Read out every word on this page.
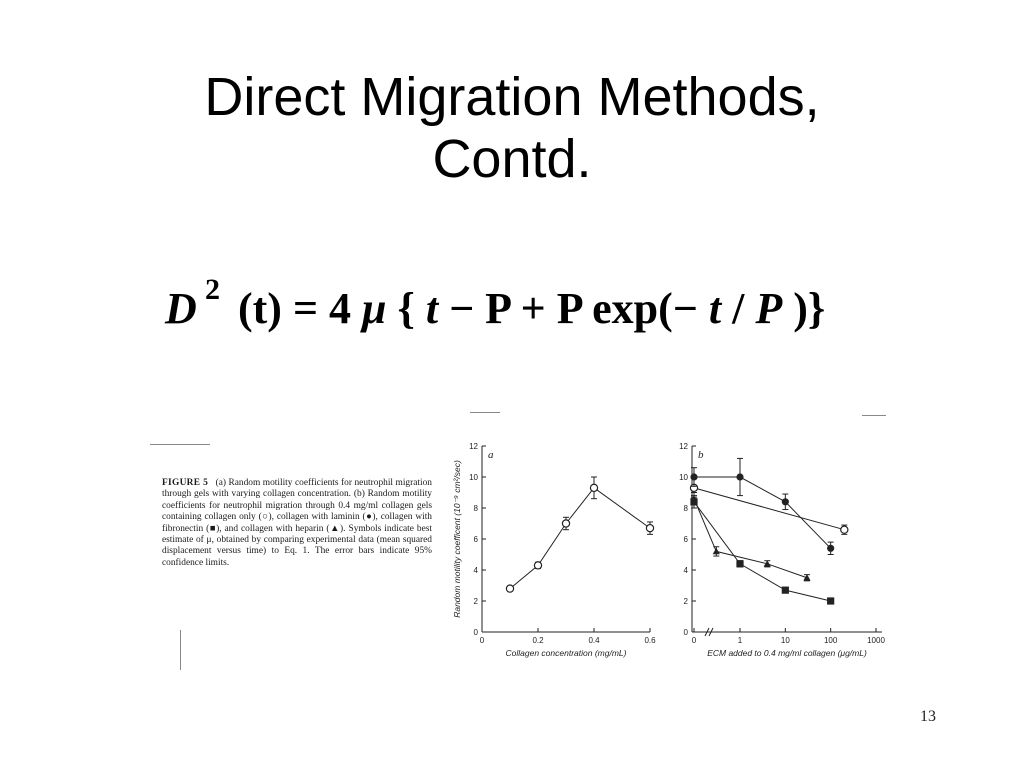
Direct Migration Methods,
Contd.
D 2 (t) = 4 μ { t − P + P exp(− t / P )}
FIGURE 5 (a) Random motility coefficients for neutrophil migration through gels with varying collagen concentration. (b) Random motility coefficients for neutrophil migration through 0.4 mg/ml collagen gels containing collagen only (○), collagen with laminin (●), collagen with fibronectin (■), and collagen with heparin (▲). Symbols indicate best estimate of μ, obtained by comparing experimental data (mean squared displacement versus time) to Eq. 1. The error bars indicate 95% confidence limits.
0
2
4
6
8
10
12
0	0.2	0.4	0.6
a
Collagen concentration (mg/mL)
Random motility coefficent (10⁻⁹ cm²/sec)
0
2
4
6
8
10
12
0	1	10	100	1000
b
ECM added to 0.4 mg/ml collagen (μg/mL)
13
